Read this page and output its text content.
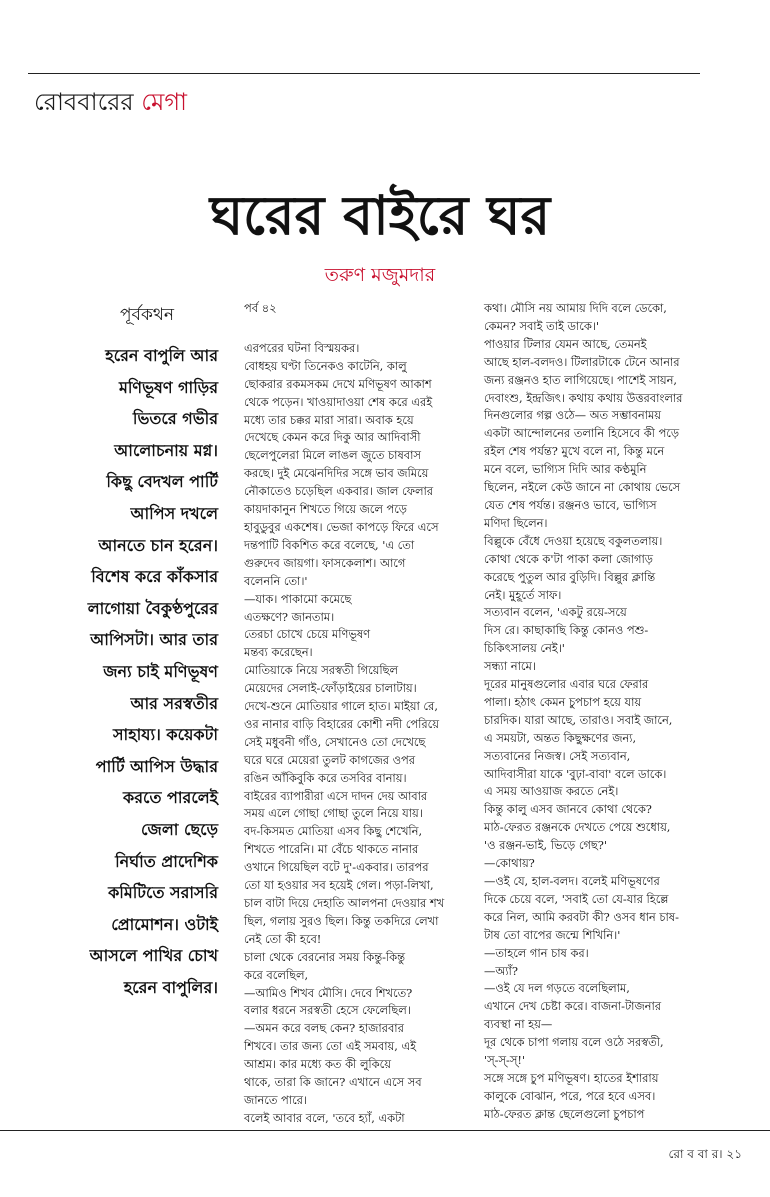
রোববারের মেগা
ঘরের বাইরে ঘর
তরুণ মজুমদার
পূর্বকথন
হরেন বাপুলি আর
মণিভূষণ গাড়ির
ভিতরে গভীর
আলোচনায় মগ্ন।
কিছু বেদখল পার্টি
আপিস দখলে
আনতে চান হরেন।
বিশেষ করে কাঁকসার
লাগোয়া বৈকুণ্ঠপুরের
আপিসটা। আর তার
জন্য চাই মণিভূষণ
আর সরস্বতীর
সাহায্য। কয়েকটা
পার্টি আপিস উদ্ধার
করতে পারলেই
জেলা ছেড়ে
নির্ঘাত প্রাদেশিক
কমিটিতে সরাসরি
প্রোমোশন। ওটাই
আসলে পাখির চোখ
হরেন বাপুলির।
পর্ব ৪২
এরপরের ঘটনা বিস্ময়কর।
বোধহয় ঘণ্টা তিনেকও কাটেনি, কালু
ছোকরার রকমসকম দেখে মণিভূষণ আকাশ
থেকে পড়েন। খাওয়াদাওয়া শেষ করে এরই
মধ্যে তার চক্কর মারা সারা। অবাক হয়ে
দেখেছে কেমন করে দিকু আর আদিবাসী
ছেলেপুলেরা মিলে লাঙল জুতে চাষবাস
করছে। দুই মেঝেনদিদির সঙ্গে ভাব জমিয়ে
নৌকাতেও চড়েছিল একবার। জাল ফেলার
কায়দাকানুন শিখতে গিয়ে জলে পড়ে
হাবুডুবুর একশেষ। ভেজা কাপড়ে ফিরে এসে
দন্তপাটি বিকশিত করে বলেছে, 'এ তো
গুরুদেব জায়গা। ফাসকেলাশ। আগে
বলেননি তো।'
—যাক। পাকামো কমেছে
এতক্ষণে? জানতাম।
তেরচা চোখে চেয়ে মণিভূষণ
মন্তব্য করেছেন।
মোতিয়াকে নিয়ে সরস্বতী গিয়েছিল
মেয়েদের সেলাই-ফোঁড়াইয়ের চালাটায়।
দেখে-শুনে মোতিয়ার গালে হাত। মাইয়া রে,
ওর নানার বাড়ি বিহারের কোশী নদী পেরিয়ে
সেই মধুবনী গাঁও, সেখানেও তো দেখেছে
ঘরে ঘরে মেয়েরা তুলট কাগজের ওপর
রঙিন আঁকিবুকি করে তসবির বানায়।
বাইরের ব্যাপারীরা এসে দাদন দেয় আবার
সময় এলে গোছা গোছা তুলে নিয়ে যায়।
বদ-কিসমত মোতিয়া এসব কিছু শেখেনি,
শিখতে পারেনি। মা বেঁচে থাকতে নানার
ওখানে গিয়েছিল বটে দু'-একবার। তারপর
তো যা হওয়ার সব হয়েই গেল। পড়া-লিখা,
চাল বাটা দিয়ে দেহাতি আলপনা দেওয়ার শখ
ছিল, গলায় সুরও ছিল। কিন্তু তকদিরে লেখা
নেই তো কী হবে!
চালা থেকে বেরনোর সময় কিন্তু-কিন্তু
করে বলেছিল,
—আমিও শিখব মৌসি। দেবে শিখতে?
বলার ধরনে সরস্বতী হেসে ফেলেছিল।
—অমন করে বলছ কেন? হাজারবার
শিখবে। তার জন্য তো এই সমবায়, এই
আশ্রম। কার মধ্যে কত কী লুকিয়ে
থাকে, তারা কি জানে? এখানে এসে সব
জানতে পারে।
বলেই আবার বলে, 'তবে হ্যাঁ, একটা
কথা। মৌসি নয় আমায় দিদি বলে ডেকো,
কেমন? সবাই তাই ডাকে।'
পাওয়ার টিলার যেমন আছে, তেমনই
আছে হাল-বলদও। টিলারটাকে টেনে আনার
জন্য রঞ্জনও হাত লাগিয়েছে। পাশেই সায়ন,
দেবাংশু, ইন্দ্রজিৎ। কথায় কথায় উত্তরবাংলার
দিনগুলোর গল্প ওঠে— অত সম্ভাবনাময়
একটা আন্দোলনের তলানি হিসেবে কী পড়ে
রইল শেষ পর্যন্ত? মুখে বলে না, কিন্তু মনে
মনে বলে, ভাগ্যিস দিদি আর কণ্ঠমুনি
ছিলেন, নইলে কেউ জানে না কোথায় ভেসে
যেত শেষ পর্যন্ত। রঞ্জনও ভাবে, ভাগ্যিস
মণিদা ছিলেন।
বিল্লুকে বেঁধে দেওয়া হয়েছে বকুলতলায়।
কোথা থেকে ক'টা পাকা কলা জোগাড়
করেছে পুতুল আর বুড়িদি। বিল্লুর ক্লান্তি
নেই। মুহূর্তে সাফ।
সত্যবান বলেন, 'একটু রয়ে-সয়ে
দিস রে। কাছাকাছি কিন্তু কোনও পশু-
চিকিৎসালয় নেই।'
সন্ধ্যা নামে।
দূরের মানুষগুলোর এবার ঘরে ফেরার
পালা। হঠাৎ কেমন চুপচাপ হয়ে যায়
চারদিক। যারা আছে, তারাও। সবাই জানে,
এ সময়টা, অন্তত কিছুক্ষণের জন্য,
সত্যবানের নিজস্ব। সেই সত্যবান,
আদিবাসীরা যাকে 'বুঢ়া-বাবা' বলে ডাকে।
এ সময় আওয়াজ করতে নেই।
কিন্তু কালু এসব জানবে কোথা থেকে?
মাঠ-ফেরত রঞ্জনকে দেখতে পেয়ে শুধোয়,
'ও রঞ্জন-ভাই, ভিড়ে গেছ?'
—কোথায়?
—ওই যে, হাল-বলদ। বলেই মণিভূষণের
দিকে চেয়ে বলে, 'সবাই তো যে-যার হিল্লে
করে নিল, আমি করবটা কী? ওসব ধান চাষ-
টাষ তো বাপের জন্মে শিখিনি।'
—তাহলে গান চাষ কর।
—অ্যাঁ?
—ওই যে দল গড়তে বলেছিলাম,
এখানে দেখ চেষ্টা করে। বাজনা-টাজনার
ব্যবস্থা না হয়—
দূর থেকে চাপা গলায় বলে ওঠে সরস্বতী,
'স্-স্-স্!'
সঙ্গে সঙ্গে চুপ মণিভূষণ। হাতের ইশারায়
কালুকে বোঝান, পরে, পরে হবে এসব।
মাঠ-ফেরত ক্লান্ত ছেলেগুলো চুপচাপ
রো ব বা র। ২১
